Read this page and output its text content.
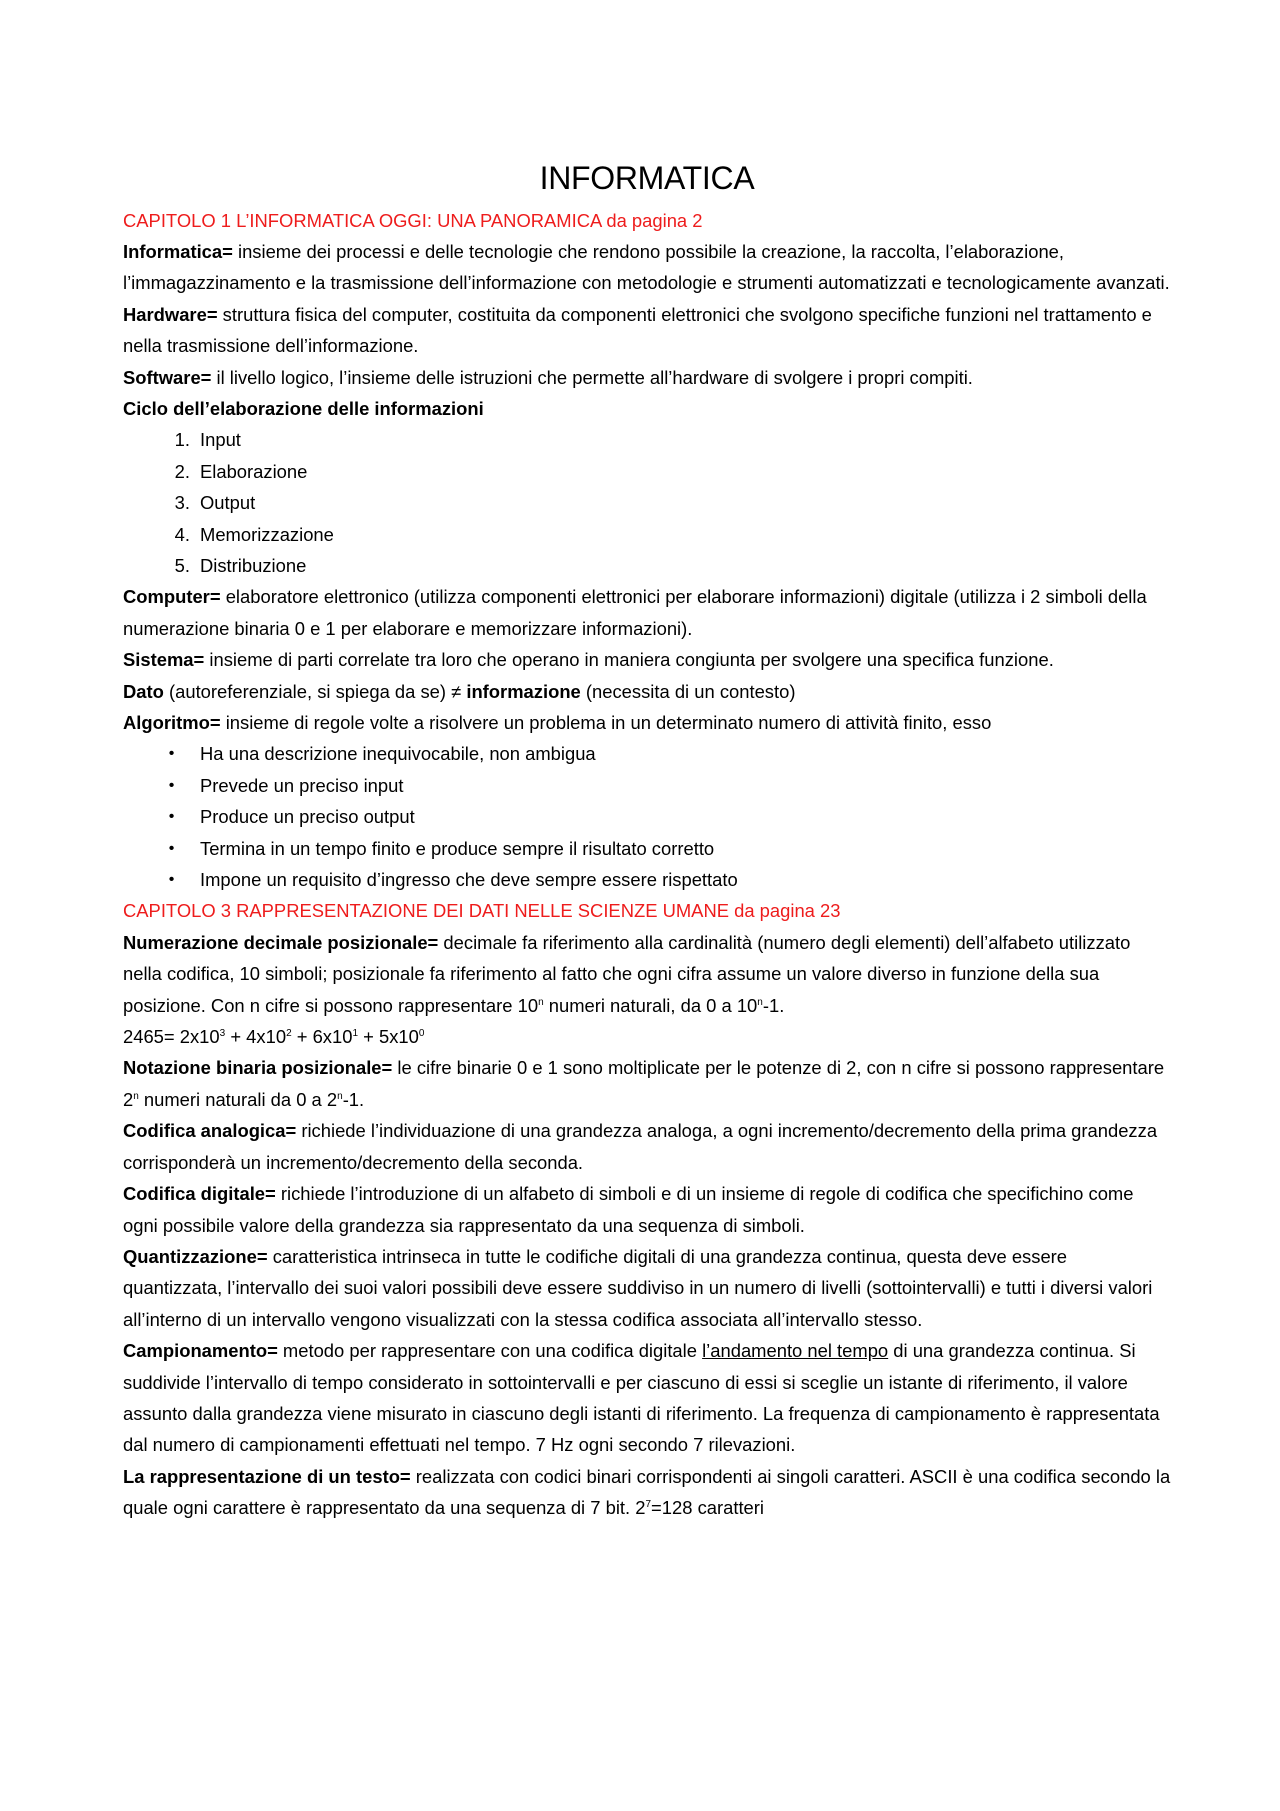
INFORMATICA

CAPITOLO 1 L’INFORMATICA OGGI: UNA PANORAMICA da pagina 2

Informatica= insieme dei processi e delle tecnologie che rendono possibile la creazione, la raccolta, l’elaborazione, l’immagazzinamento e la trasmissione dell’informazione con metodologie e strumenti automatizzati e tecnologicamente avanzati.

Hardware= struttura fisica del computer, costituita da componenti elettronici che svolgono specifiche funzioni nel trattamento e nella trasmissione dell’informazione.

Software= il livello logico, l’insieme delle istruzioni che permette all’hardware di svolgere i propri compiti.

Ciclo dell’elaborazione delle informazioni

1. Input
2. Elaborazione
3. Output
4. Memorizzazione
5. Distribuzione

Computer= elaboratore elettronico (utilizza componenti elettronici per elaborare informazioni) digitale (utilizza i 2 simboli della numerazione binaria 0 e 1 per elaborare e memorizzare informazioni).

Sistema= insieme di parti correlate tra loro che operano in maniera congiunta per svolgere una specifica funzione.

Dato (autoreferenziale, si spiega da se) ≠ informazione (necessita di un contesto)

Algoritmo= insieme di regole volte a risolvere un problema in un determinato numero di attività finito, esso

•	Ha una descrizione inequivocabile, non ambigua
•	Prevede un preciso input
•	Produce un preciso output
•	Termina in un tempo finito e produce sempre il risultato corretto
•	Impone un requisito d’ingresso che deve sempre essere rispettato

CAPITOLO 3 RAPPRESENTAZIONE DEI DATI NELLE SCIENZE UMANE da pagina 23

Numerazione decimale posizionale= decimale fa riferimento alla cardinalità (numero degli elementi) dell’alfabeto utilizzato nella codifica, 10 simboli; posizionale fa riferimento al fatto che ogni cifra assume un valore diverso in funzione della sua posizione. Con n cifre si possono rappresentare 10$^n$ numeri naturali, da 0 a 10$^n$-1.

$2465= 2x10^3 + 4x10^2 + 6x10^1 + 5x10^0$

Notazione binaria posizionale= le cifre binarie 0 e 1 sono moltiplicate per le potenze di 2, con n cifre si possono rappresentare 2$^n$ numeri naturali da 0 a 2$^n$-1.

Codifica analogica= richiede l’individuazione di una grandezza analoga, a ogni incremento/decremento della prima grandezza corrisponderà un incremento/decremento della seconda.

Codifica digitale= richiede l’introduzione di un alfabeto di simboli e di un insieme di regole di codifica che specifichino come ogni possibile valore della grandezza sia rappresentato da una sequenza di simboli.

Quantizzazione= caratteristica intrinseca in tutte le codifiche digitali di una grandezza continua, questa deve essere quantizzata, l’intervallo dei suoi valori possibili deve essere suddiviso in un numero di livelli (sottointervalli) e tutti i diversi valori all’interno di un intervallo vengono visualizzati con la stessa codifica associata all’intervallo stesso.

Campionamento= metodo per rappresentare con una codifica digitale l’andamento nel tempo di una grandezza continua. Si suddivide l’intervallo di tempo considerato in sottointervalli e per ciascuno di essi si sceglie un istante di riferimento, il valore assunto dalla grandezza viene misurato in ciascuno degli istanti di riferimento. La frequenza di campionamento è rappresentata dal numero di campionamenti effettuati nel tempo. 7 Hz ogni secondo 7 rilevazioni.

La rappresentazione di un testo= realizzata con codici binari corrispondenti ai singoli caratteri. ASCII è una codifica secondo la quale ogni carattere è rappresentato da una sequenza di 7 bit. $2^7=128$ caratteri
